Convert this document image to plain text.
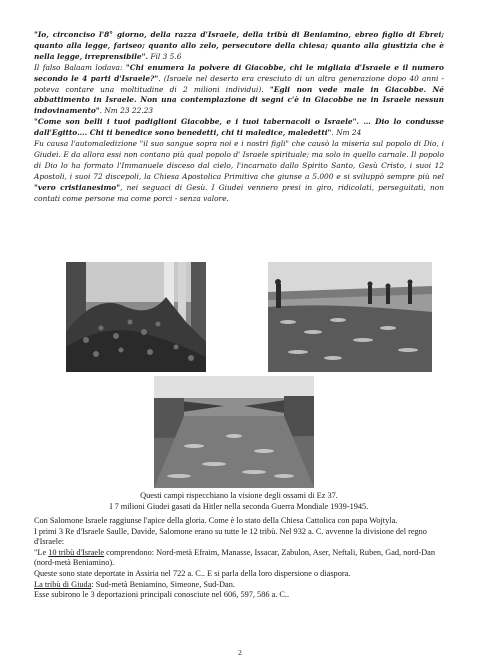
"Io, circonciso l'8° giorno, della razza d'Israele, della tribù di Beniamino, ebreo figlio di Ebrei; quanto alla legge, fariseo; quanto allo zelo, persecutore della chiesa; quanto alla giustizia che è nella legge, irreprensibile". Fil 3 5.6

Il falso Balaam lodava: "Chi enumera la polvere di Giacobbe, chi le migliaia d'Israele e il numero secondo le 4 parti d'Israele?". (Israele nel deserto era cresciuto di un altra generazione dopo 40 anni - poteva contare una moltitudine di 2 milioni individui). "Egli non vede male in Giacobbe. Né abbattimento in Israele. Non una contemplazione di segni c'è in Giacobbe ne in Israele nessun indovinamento". Nm 23 22.23

"Come son belli i tuoi padiglioni Giacobbe, e i tuoi tabernacoli o Israele". … Dio lo condusse dall'Egitto…. Chi ti benedice sono benedetti, chi ti maledice, maledetti". Nm 24

Fu causa l'automaledizione "il suo sangue sopra noi e i nostri figli" che causò la miseria sul popolo di Dio, i Giudei. E da allora essi non contano più qual popolo d' Israele spirituale; ma solo in quello carnale. Il popolo di Dio lo ha formato l'Immanuele disceso dal cielo, l'incarnato dallo Spirito Santo, Gesù Cristo, i suoi 12 Apostoli, i suoi 72 discepoli, la Chiesa Apostolica Primitiva che giunse a 5.000 e si sviluppò sempre più nel "vero cristianesimo", nei seguaci di Gesù. I Giudei vennero presi in giro, ridicolati, perseguitati, non contati come persone ma come porci - senza valore.

Questi campi rispecchiano la visione degli ossami di Ez 37.
I 7 milioni Giudei gasati da Hitler nella seconda Guerra Mondiale 1939-1945.

Con Salomone Israele raggiunse l'apice della gloria. Come è lo stato della Chiesa Cattolica con papa Wojtyla.

I primi 3 Re d'Israele Saulle, Davide, Salomone erano su tutte le 12 tribù. Nel 932 a. C. avvenne la divisione del regno d'Israele:

"Le 10 tribù d'Israele comprendono: Nord-metà Efraim, Manasse, Issacar, Zabulon, Aser, Neftali, Ruben, Gad, nord-Dan (nord-metà Beniamino).

Queste sono state deportate in Assiria nel 722 a. C.. E si parla della loro dispersione o diaspora.

La tribù di Giuda: Sud-metà Beniamino, Simeone, Sud-Dan.

Esse subirono le 3 deportazioni principali conosciute nel 606, 597, 586 a. C..

2
